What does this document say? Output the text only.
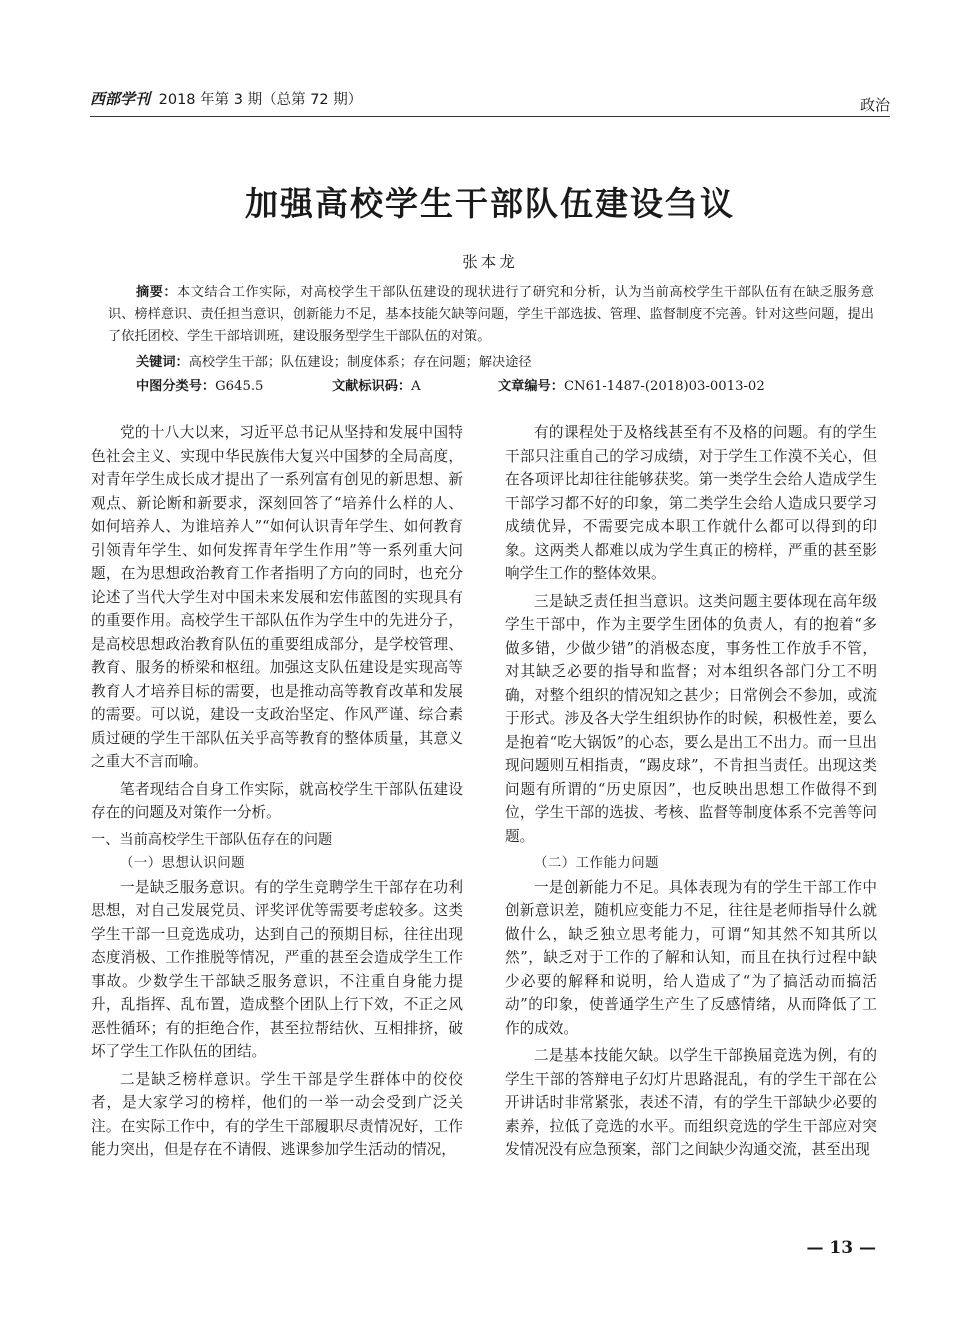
西部学刊 2018 年第 3 期（总第 72 期）	政治
加强高校学生干部队伍建设刍议
张本龙
摘要：本文结合工作实际，对高校学生干部队伍建设的现状进行了研究和分析，认为当前高校学生干部队伍有在缺乏服务意识、榜样意识、责任担当意识，创新能力不足，基本技能欠缺等问题，学生干部选拔、管理、监督制度不完善。针对这些问题，提出了依托团校、学生干部培训班，建设服务型学生干部队伍的对策。
关键词：高校学生干部；队伍建设；制度体系；存在问题；解决途径
中图分类号：G645.5	文献标识码：A	文章编号：CN61-1487-(2018)03-0013-02

党的十八大以来，习近平总书记从坚持和发展中国特色社会主义、实现中华民族伟大复兴中国梦的全局高度，对青年学生成长成才提出了一系列富有创见的新思想、新观点、新论断和新要求，深刻回答了“培养什么样的人、如何培养人、为谁培养人”“如何认识青年学生、如何教育引领青年学生、如何发挥青年学生作用”等一系列重大问题，在为思想政治教育工作者指明了方向的同时，也充分论述了当代大学生对中国未来发展和宏伟蓝图的实现具有的重要作用。高校学生干部队伍作为学生中的先进分子，是高校思想政治教育队伍的重要组成部分，是学校管理、教育、服务的桥梁和枢纽。加强这支队伍建设是实现高等教育人才培养目标的需要，也是推动高等教育改革和发展的需要。可以说，建设一支政治坚定、作风严谨、综合素质过硬的学生干部队伍关乎高等教育的整体质量，其意义之重大不言而喻。

笔者现结合自身工作实际，就高校学生干部队伍建设存在的问题及对策作一分析。

一、当前高校学生干部队伍存在的问题
（一）思想认识问题

一是缺乏服务意识。有的学生竞聘学生干部存在功利思想，对自己发展党员、评奖评优等需要考虑较多。这类学生干部一旦竞选成功，达到自己的预期目标，往往出现态度消极、工作推脱等情况，严重的甚至会造成学生工作事故。少数学生干部缺乏服务意识，不注重自身能力提升，乱指挥、乱布置，造成整个团队上行下效，不正之风恶性循环；有的拒绝合作，甚至拉帮结伙、互相排挤，破坏了学生工作队伍的团结。

二是缺乏榜样意识。学生干部是学生群体中的佼佼者，是大家学习的榜样，他们的一举一动会受到广泛关注。在实际工作中，有的学生干部履职尽责情况好，工作能力突出，但是存在不请假、逃课参加学生活动的情况，

有的课程处于及格线甚至有不及格的问题。有的学生干部只注重自己的学习成绩，对于学生工作漠不关心，但在各项评比却往往能够获奖。第一类学生会给人造成学生干部学习都不好的印象，第二类学生会给人造成只要学习成绩优异，不需要完成本职工作就什么都可以得到的印象。这两类人都难以成为学生真正的榜样，严重的甚至影响学生工作的整体效果。

三是缺乏责任担当意识。这类问题主要体现在高年级学生干部中，作为主要学生团体的负责人，有的抱着“多做多错，少做少错”的消极态度，事务性工作放手不管，对其缺乏必要的指导和监督；对本组织各部门分工不明确，对整个组织的情况知之甚少；日常例会不参加，或流于形式。涉及各大学生组织协作的时候，积极性差，要么是抱着“吃大锅饭”的心态，要么是出工不出力。而一旦出现问题则互相指责，“踢皮球”，不肯担当责任。出现这类问题有所谓的“历史原因”，也反映出思想工作做得不到位，学生干部的选拔、考核、监督等制度体系不完善等问题。

（二）工作能力问题

一是创新能力不足。具体表现为有的学生干部工作中创新意识差，随机应变能力不足，往往是老师指导什么就做什么，缺乏独立思考能力，可谓“知其然不知其所以然”，缺乏对于工作的了解和认知，而且在执行过程中缺少必要的解释和说明，给人造成了“为了搞活动而搞活动”的印象，使普通学生产生了反感情绪，从而降低了工作的成效。

二是基本技能欠缺。以学生干部换届竞选为例，有的学生干部的答辩电子幻灯片思路混乱，有的学生干部在公开讲话时非常紧张，表述不清，有的学生干部缺少必要的素养，拉低了竞选的水平。而组织竞选的学生干部应对突发情况没有应急预案，部门之间缺少沟通交流，甚至出现

— 13 —
